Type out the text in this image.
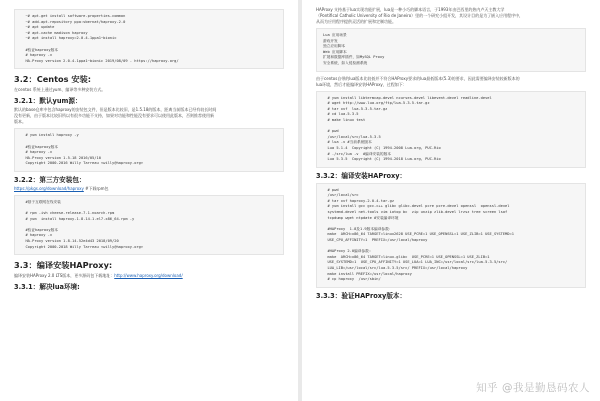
~# apt-get install software-properties-common
~# add-apt-repository ppa:vbernat/haproxy-2.0
~# apt update
~# apt-cache madison haproxy
~# apt install haproxy=2.0.4-1ppa1~bionic

#验证haproxy版本
# haproxy -v
HA-Proxy version 2.0.4-1ppa1~bionic 2019/08/09 - https://haproxy.org/
3.2：Centos 安装:
在centos 系统上通过yum、编译等多种安装方式。
3.2.1：默认yum源：
默认的base仓库中包含haproxy的安装包文件，但是版本比较旧，是1.5.18的版本，距离当前版本已经有较长时间
没有更新，由于版本比较旧所以有很多功能不支持，如果对功能和性能没有要求可以使用此版本，否则推荐使用新
版本。
# yum install haproxy -y

#验证haproxy版本
# haproxy -v
HA-Proxy version 1.5.18 2016/05/10
Copyright 2000-2016 Willy Tarreau <willy@haproxy.org>
3.2.2：第三方安装包：
https://pkgs.org/download/haproxy #下载rpm包
#基于互联网在线安装

# rpm -ivh cheese-release-7-1.noarch.rpm
# yum  install haproxy-1.8.14-1.el7.x86_64.rpm -y

#验证haproxy版本
# haproxy -v
HA-Proxy version 1.8.14-52e4d43 2018/09/20
Copyright 2000-2018 Willy Tarreau <willy@haproxy.org>
3.3：编译安装HAProxy:
编译安装HAProxy 2.0 LTS版本，更多源码包下载地址：http://www.haproxy.org/download/
3.3.1：解决lua环境:
HAProxy 支持基于lua实现功能扩展，lua是一种小巧的脚本语言，于1993年由巴西里约热内卢天主教大学
（Pontifical Catholic University of Rio de Janeiro）里的一个研究小组开发，其设计目的是为了嵌入应用程序中，
从而为应用程序提供灵活的扩展和定制功能。
Lua 应用场景
游戏开发
独立应用脚本
Web 应用脚本
扩展和数据库插件，如MySQL Proxy
安全系统，如入侵检测系统
由于centos自带的lua版本比较低并不符合HAProxy要求的lua最低版本(5.3)的要求，因此需要编译安装较新版本的
lua环境，然后才能编译安装HAProxy，过程如下：
# yum install libtermcap-devel ncurses-devel libevent-devel readline-devel
# wget http://www.lua.org/ftp/lua-5.3.5.tar.gz
# tar xvf  lua-5.3.5.tar.gz
# cd lua-5.3.5
# make linux test

# pwd
/usr/local/src/lua-5.3.5
# lua -v #当前系统版本
Lua 5.1.4  Copyright (C) 1994-2008 Lua.org, PUC-Rio
# ./src/lua -v  #编译安装的版本
Lua 5.3.5  Copyright (C) 1994-2018 Lua.org, PUC-Rio
3.3.2：编译安装HAProxy：
# pwd
/usr/local/src
# tar xvf haproxy-2.0.4.tar.gz
# yum install gcc gcc-c++ glibc glibc-devel pcre pcre-devel openssl  openssl-devel
systemd-devel net-tools vim iotop bc  zip unzip zlib-devel lrzsz tree screen lsof
tcpdump wget ntpdate #安装编译环境

#HAProxy  1.8及1.9版本编译参数：
make  ARCH=x86_64 TARGET=linux2628 USE_PCRE=1 USE_OPENSSL=1 USE_ZLIB=1 USE_SYSTEMD=1
USE_CPU_AFFINITY=1  PREFIX=/usr/local/haproxy

#HAProxy 2.0编译参数:
make  ARCH=x86_64 TARGET=linux-glibc  USE_PCRE=1 USE_OPENSSL=1 USE_ZLIB=1
USE_SYSTEMD=1  USE_CPU_AFFINITY=1 USE_LUA=1 LUA_INC=/usr/local/src/lua-5.3.5/src/
LUA_LIB=/usr/local/src/lua-5.3.5/src/ PREFIX=/usr/local/haproxy
make install PREFIX=/usr/local/haproxy
# cp haproxy  /usr/sbin/
3.3.3：验证HAProxy版本：
知乎 @我是勤恳码农人
